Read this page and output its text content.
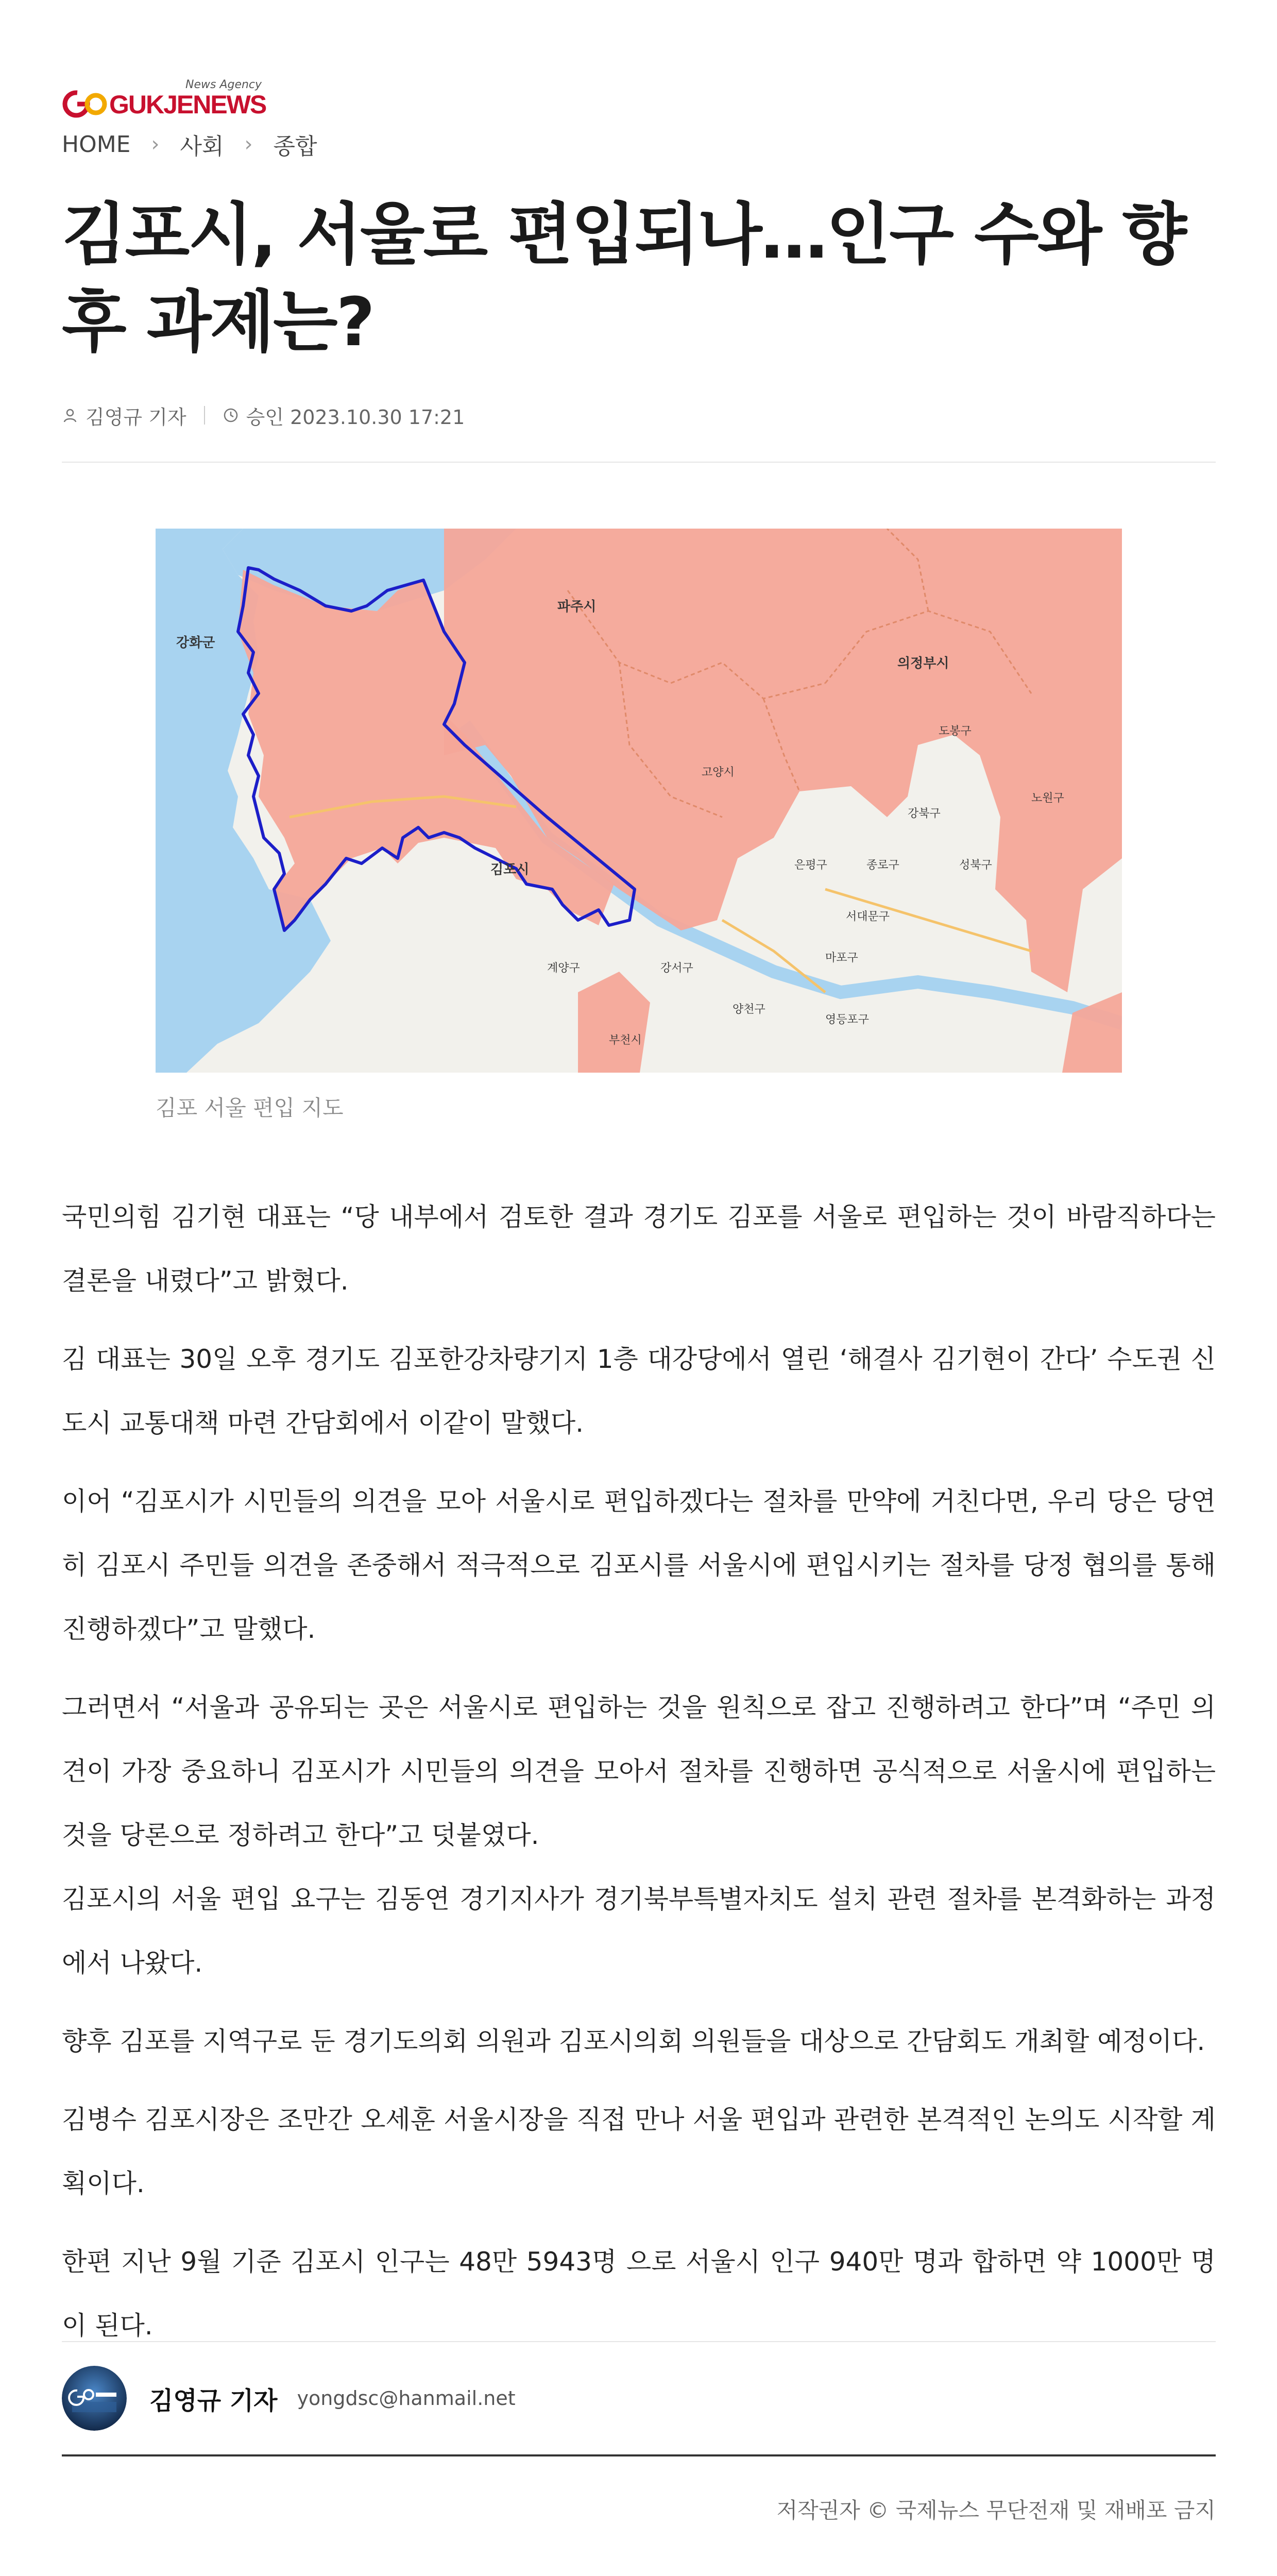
News Agency
GUKJENEWS
HOME › 사회 › 종합
김포시, 서울로 편입되나…인구 수와 향후 과제는?
김영규 기자	승인 2023.10.30 17:21
강화군
파주시
의정부시
김포시
고양시
도봉구
강북구
노원구
은평구	종로구	성북구
서대문구
마포구
강서구
양천구
영등포구
계양구
부천시
김포 서울 편입 지도

국민의힘 김기현 대표는 “당 내부에서 검토한 결과 경기도 김포를 서울로 편입하는 것이 바람직하다는 결론을 내렸다”고 밝혔다.

김 대표는 30일 오후 경기도 김포한강차량기지 1층 대강당에서 열린 ‘해결사 김기현이 간다’ 수도권 신도시 교통대책 마련 간담회에서 이같이 말했다.

이어 “김포시가 시민들의 의견을 모아 서울시로 편입하겠다는 절차를 만약에 거친다면, 우리 당은 당연히 김포시 주민들 의견을 존중해서 적극적으로 김포시를 서울시에 편입시키는 절차를 당정 협의를 통해 진행하겠다”고 말했다.

그러면서 “서울과 공유되는 곳은 서울시로 편입하는 것을 원칙으로 잡고 진행하려고 한다”며 “주민 의견이 가장 중요하니 김포시가 시민들의 의견을 모아서 절차를 진행하면 공식적으로 서울시에 편입하는 것을 당론으로 정하려고 한다”고 덧붙였다.

김포시의 서울 편입 요구는 김동연 경기지사가 경기북부특별자치도 설치 관련 절차를 본격화하는 과정에서 나왔다.

향후 김포를 지역구로 둔 경기도의회 의원과 김포시의회 의원들을 대상으로 간담회도 개최할 예정이다.

김병수 김포시장은 조만간 오세훈 서울시장을 직접 만나 서울 편입과 관련한 본격적인 논의도 시작할 계획이다.

한편 지난 9월 기준 김포시 인구는 48만 5943명 으로 서울시 인구 940만 명과 합하면 약 1000만 명이 된다.

김영규 기자 yongdsc@hanmail.net
저작권자 © 국제뉴스 무단전재 및 재배포 금지
